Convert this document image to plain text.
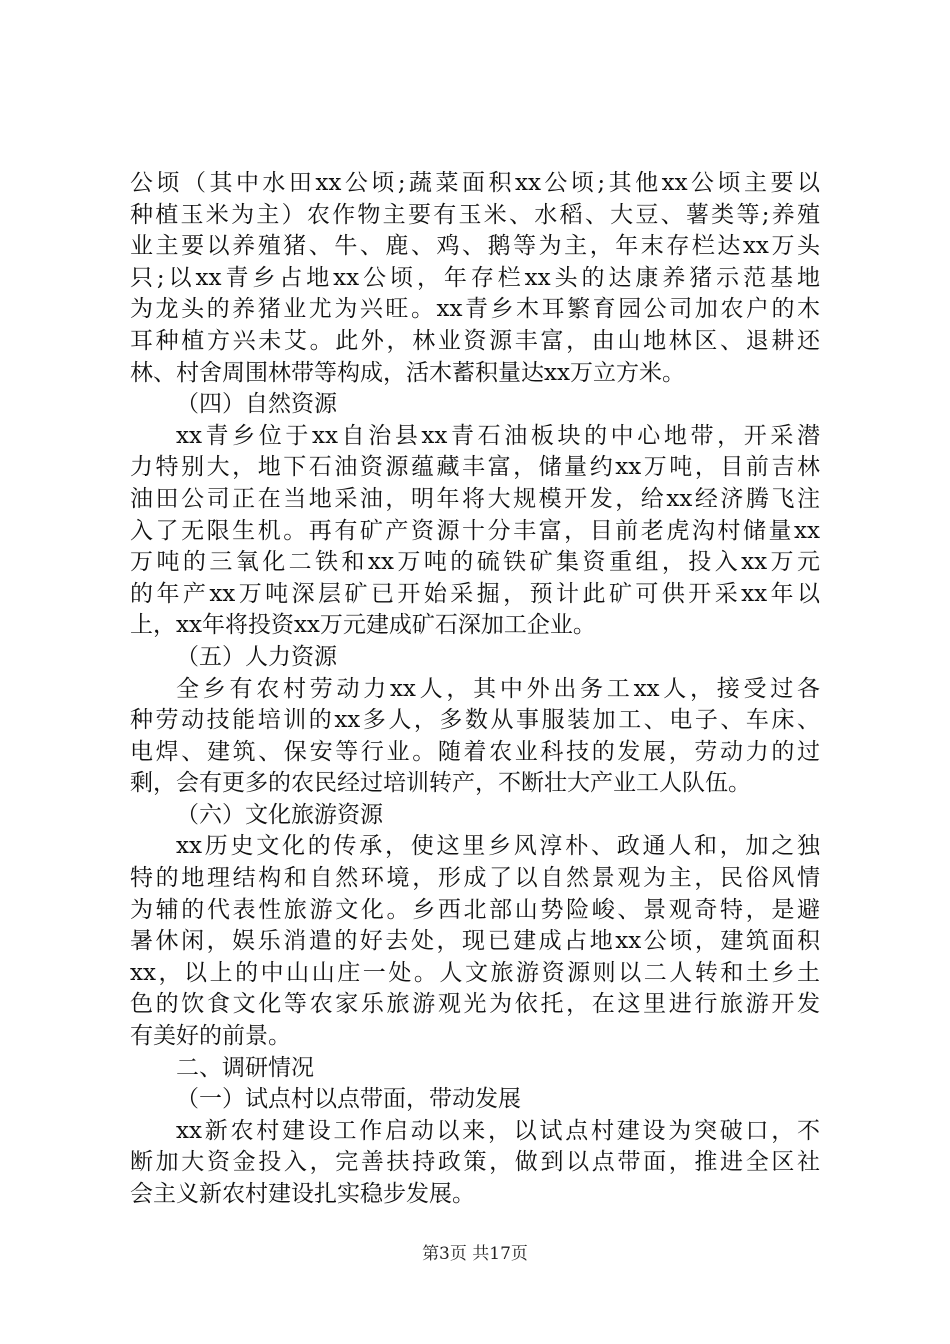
公顷（其中水田xx公顷;蔬菜面积xx公顷;其他xx公顷主要以
种植玉米为主）农作物主要有玉米、水稻、大豆、薯类等;养殖
业主要以养殖猪、牛、鹿、鸡、鹅等为主，年末存栏达xx万头
只;以xx青乡占地xx公顷，年存栏xx头的达康养猪示范基地
为龙头的养猪业尤为兴旺。xx青乡木耳繁育园公司加农户的木
耳种植方兴未艾。此外，林业资源丰富，由山地林区、退耕还
林、村舍周围林带等构成，活木蓄积量达xx万立方米。
（四）自然资源
xx青乡位于xx自治县xx青石油板块的中心地带，开采潜
力特别大，地下石油资源蕴藏丰富，储量约xx万吨，目前吉林
油田公司正在当地采油，明年将大规模开发，给xx经济腾飞注
入了无限生机。再有矿产资源十分丰富，目前老虎沟村储量xx
万吨的三氧化二铁和xx万吨的硫铁矿集资重组，投入xx万元
的年产xx万吨深层矿已开始采掘，预计此矿可供开采xx年以
上，xx年将投资xx万元建成矿石深加工企业。
（五）人力资源
全乡有农村劳动力xx人，其中外出务工xx人，接受过各
种劳动技能培训的xx多人，多数从事服装加工、电子、车床、
电焊、建筑、保安等行业。随着农业科技的发展，劳动力的过
剩，会有更多的农民经过培训转产，不断壮大产业工人队伍。
（六）文化旅游资源
xx历史文化的传承，使这里乡风淳朴、政通人和，加之独
特的地理结构和自然环境，形成了以自然景观为主，民俗风情
为辅的代表性旅游文化。乡西北部山势险峻、景观奇特，是避
暑休闲，娱乐消遣的好去处，现已建成占地xx公顷，建筑面积
xx，以上的中山山庄一处。人文旅游资源则以二人转和土乡土
色的饮食文化等农家乐旅游观光为依托，在这里进行旅游开发
有美好的前景。
二、调研情况
（一）试点村以点带面，带动发展
xx新农村建设工作启动以来，以试点村建设为突破口，不
断加大资金投入，完善扶持政策，做到以点带面，推进全区社
会主义新农村建设扎实稳步发展。
第3页 共17页
